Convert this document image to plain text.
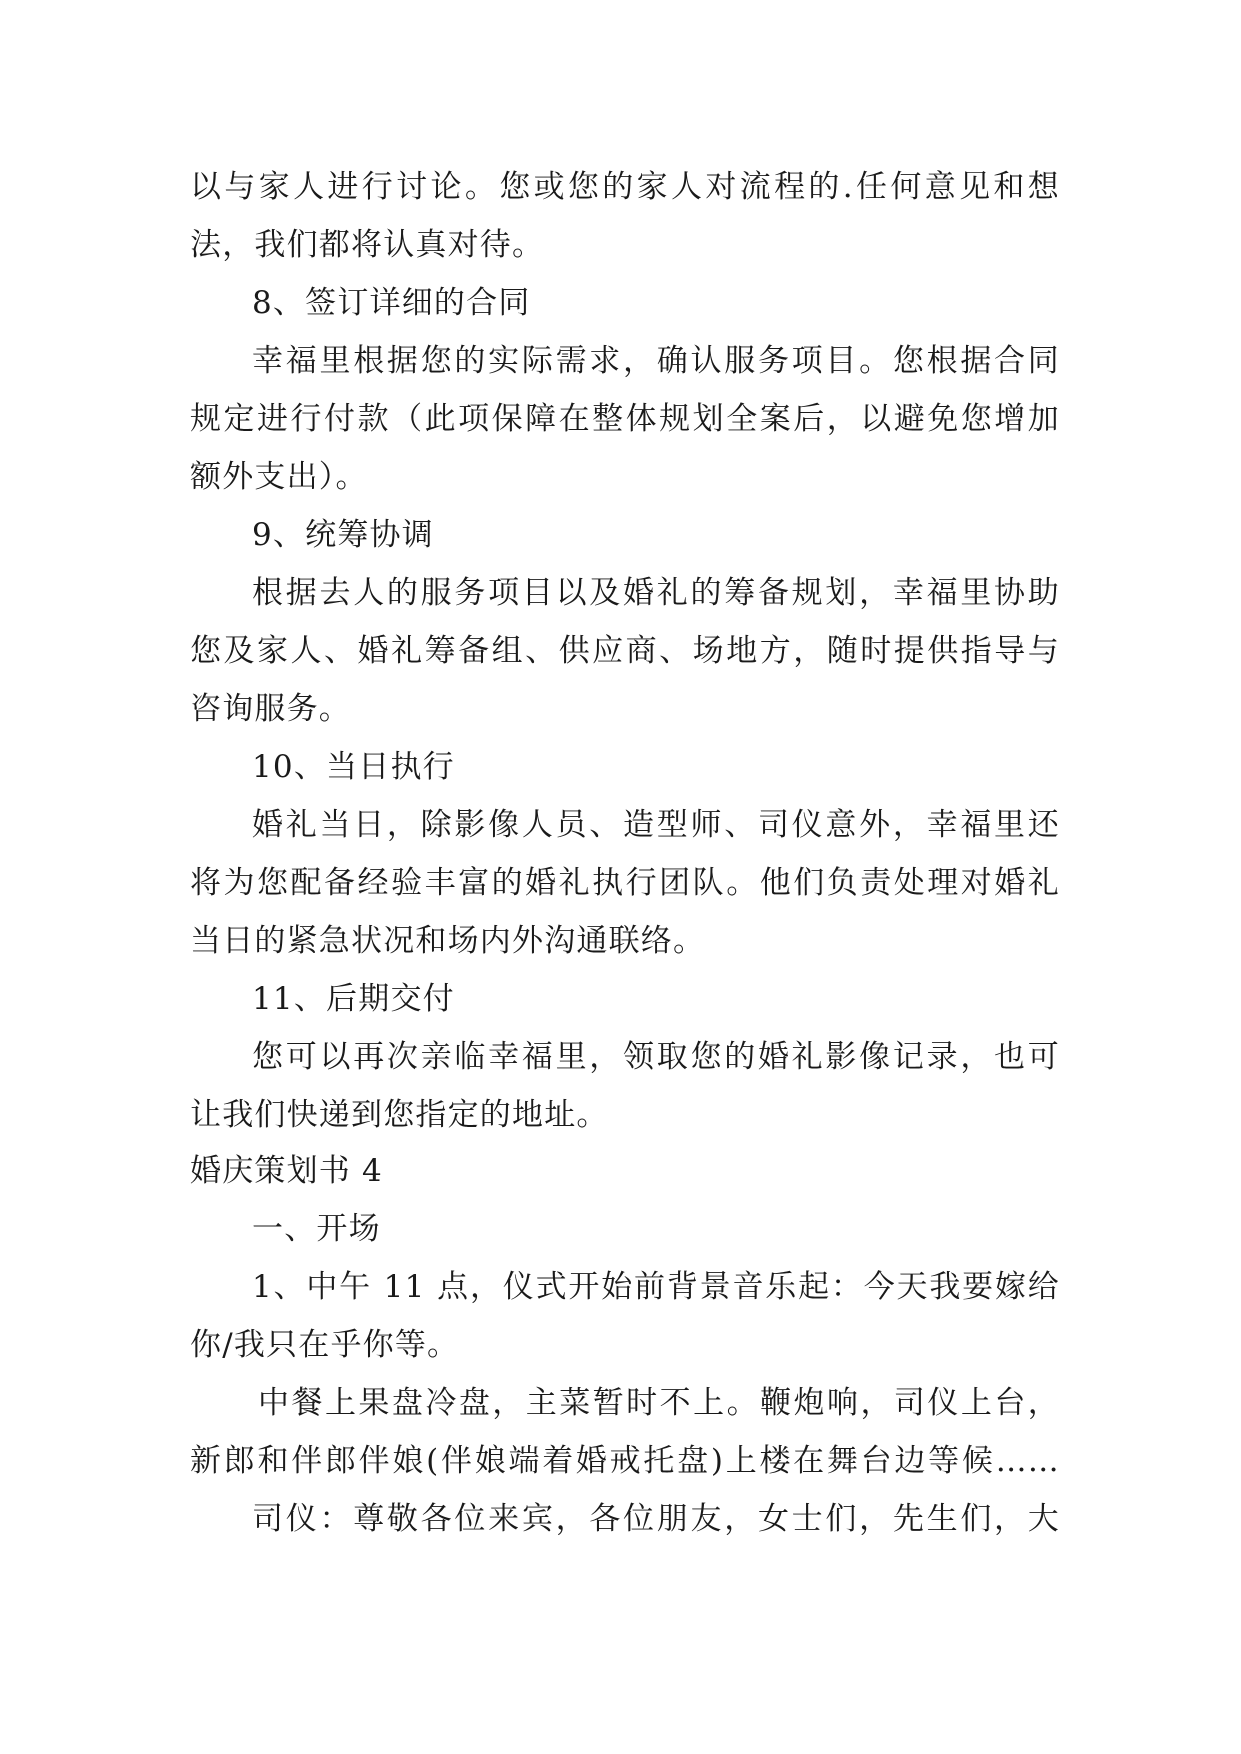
以与家人进行讨论。您或您的家人对流程的.任何意见和想
法，我们都将认真对待。
8、签订详细的合同
幸福里根据您的实际需求，确认服务项目。您根据合同
规定进行付款（此项保障在整体规划全案后，以避免您增加
额外支出）。
9、统筹协调
根据去人的服务项目以及婚礼的筹备规划，幸福里协助
您及家人、婚礼筹备组、供应商、场地方，随时提供指导与
咨询服务。
10、当日执行
婚礼当日，除影像人员、造型师、司仪意外，幸福里还
将为您配备经验丰富的婚礼执行团队。他们负责处理对婚礼
当日的紧急状况和场内外沟通联络。
11、后期交付
您可以再次亲临幸福里，领取您的婚礼影像记录，也可
让我们快递到您指定的地址。
婚庆策划书 4
一、开场
1、中午 11 点，仪式开始前背景音乐起：今天我要嫁给
你/我只在乎你等。
中餐上果盘冷盘，主菜暂时不上。鞭炮响，司仪上台，
新郎和伴郎伴娘(伴娘端着婚戒托盘)上楼在舞台边等候……
司仪：尊敬各位来宾，各位朋友，女士们，先生们，大
